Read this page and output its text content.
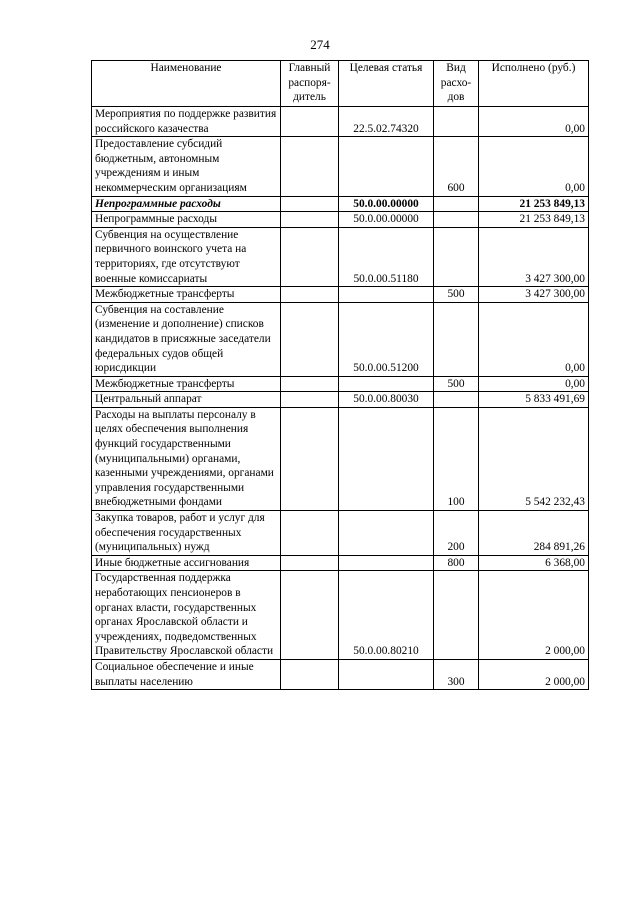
274
Наименование	Главный распоря-дитель	Целевая статья	Вид расхо-дов	Исполнено (руб.)
Мероприятия по поддержке развития российского казачества		22.5.02.74320		0,00
Предоставление субсидий бюджетным, автономным учреждениям и иным некоммерческим организациям			600	0,00
Непрограммные расходы		50.0.00.00000		21 253 849,13
Непрограммные расходы		50.0.00.00000		21 253 849,13
Субвенция на осуществление первичного воинского учета на территориях, где отсутствуют военные комиссариаты		50.0.00.51180		3 427 300,00
Межбюджетные трансферты			500	3 427 300,00
Субвенция на составление (изменение и дополнение) списков кандидатов в присяжные заседатели федеральных судов общей юрисдикции		50.0.00.51200		0,00
Межбюджетные трансферты			500	0,00
Центральный аппарат		50.0.00.80030		5 833 491,69
Расходы на выплаты персоналу в целях обеспечения выполнения функций государственными (муниципальными) органами, казенными учреждениями, органами управления государственными внебюджетными фондами			100	5 542 232,43
Закупка товаров, работ и услуг для обеспечения государственных (муниципальных) нужд			200	284 891,26
Иные бюджетные ассигнования			800	6 368,00
Государственная поддержка неработающих пенсионеров в органах власти, государственных органах Ярославской области и учреждениях, подведомственных Правительству Ярославской области		50.0.00.80210		2 000,00
Социальное обеспечение и иные выплаты населению			300	2 000,00
